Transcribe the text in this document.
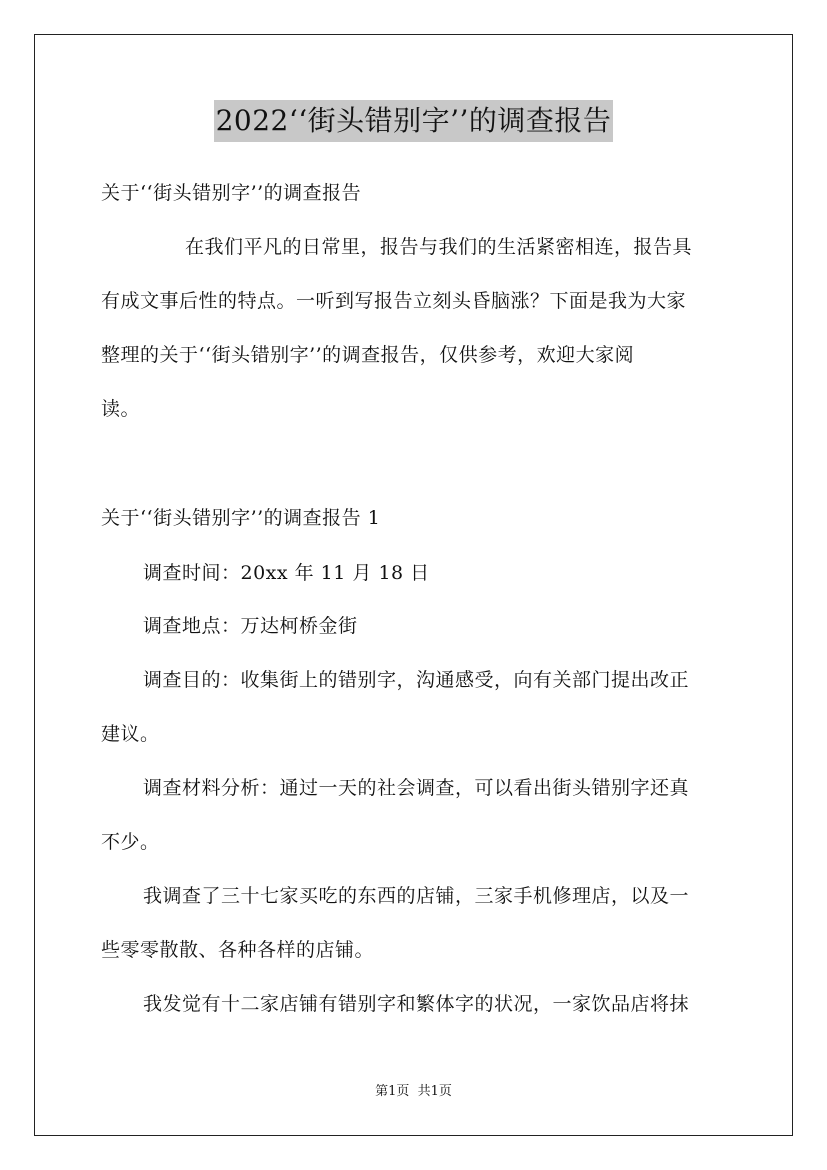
2022‘‘街头错别字’’的调查报告
关于‘‘街头错别字’’的调查报告
在我们平凡的日常里，报告与我们的生活紧密相连，报告具
有成文事后性的特点。一听到写报告立刻头昏脑涨？下面是我为大家
整理的关于‘‘街头错别字’’的调查报告，仅供参考，欢迎大家阅
读。
关于‘‘街头错别字’’的调查报告 1
调查时间：20xx 年 11 月 18 日
调查地点：万达柯桥金街
调查目的：收集街上的错别字，沟通感受，向有关部门提出改正
建议。
调查材料分析：通过一天的社会调查，可以看出街头错别字还真
不少。
我调查了三十七家买吃的东西的店铺，三家手机修理店，以及一
些零零散散、各种各样的店铺。
我发觉有十二家店铺有错别字和繁体字的状况，一家饮品店将抹
第1页  共1页
